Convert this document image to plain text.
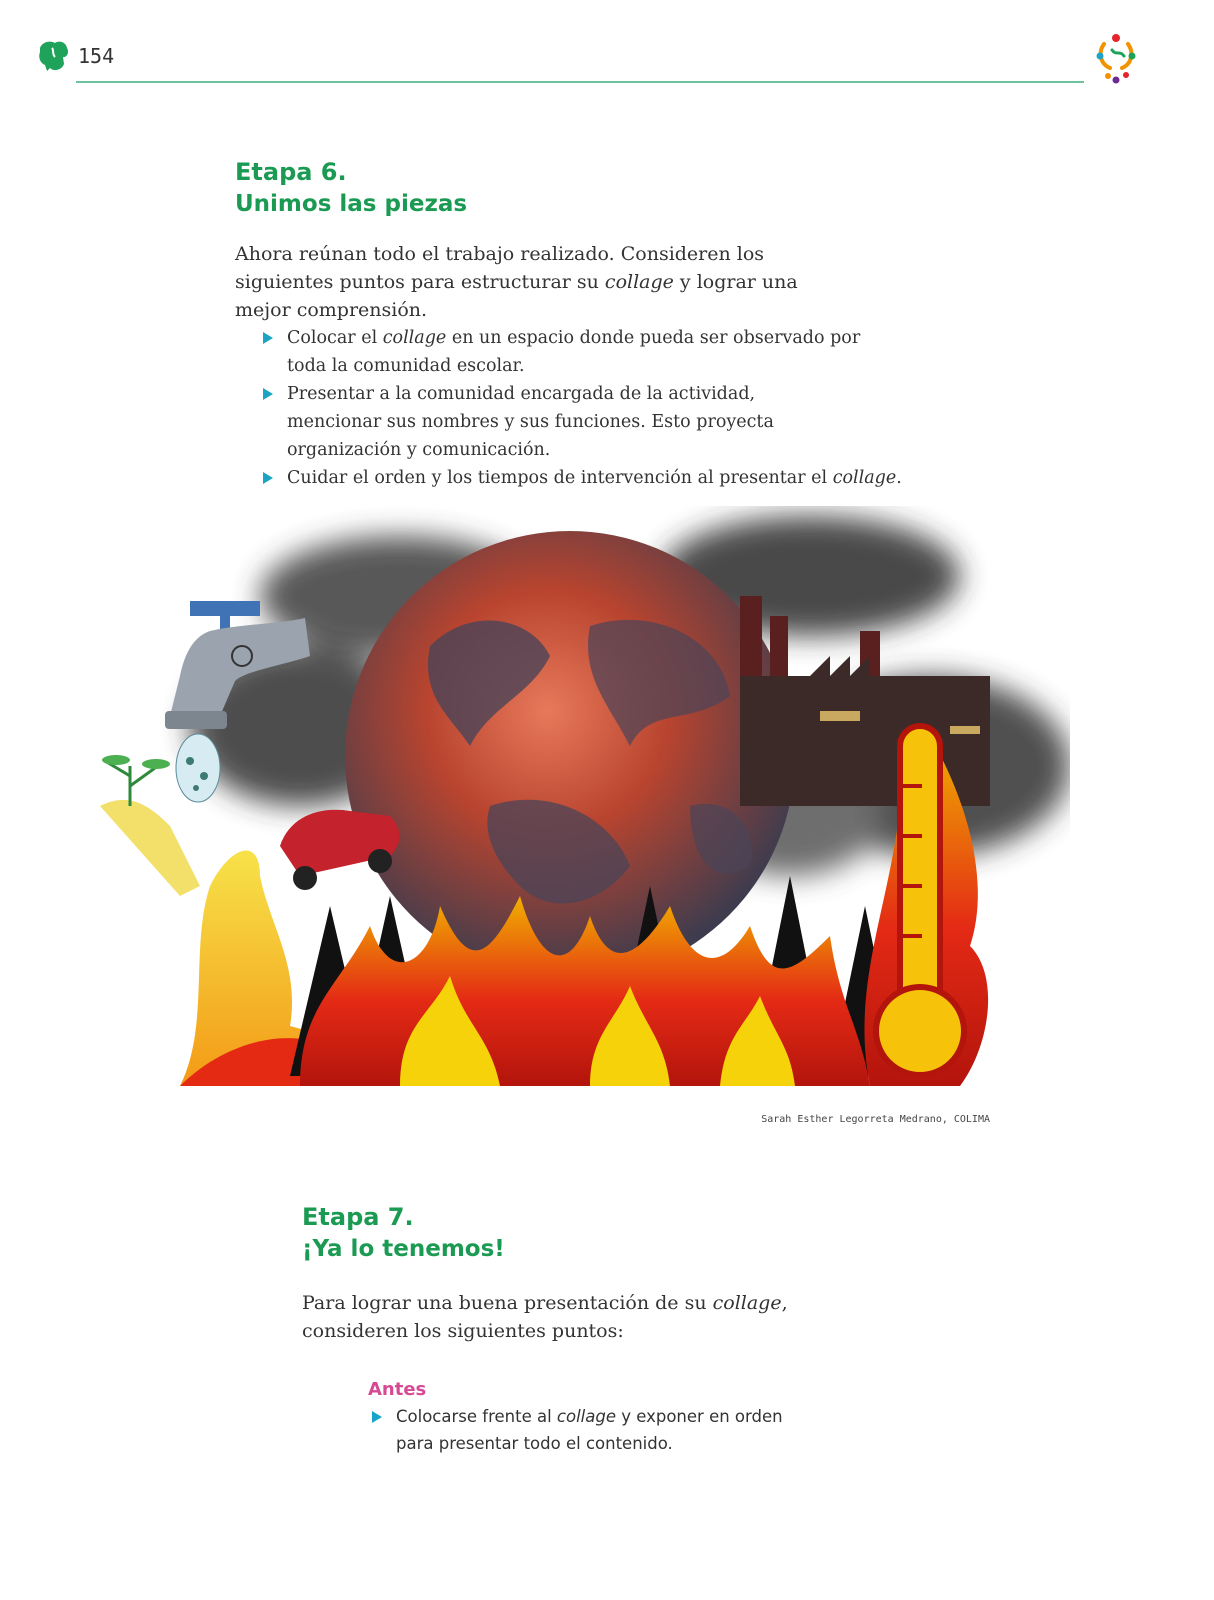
154
Etapa 6.
Unimos las piezas

Ahora reúnan todo el trabajo realizado. Consideren los siguientes puntos para estructurar su collage y lograr una mejor comprensión.

Colocar el collage en un espacio donde pueda ser observado por toda la comunidad escolar.
Presentar a la comunidad encargada de la actividad, mencionar sus nombres y sus funciones. Esto proyecta organización y comunicación.
Cuidar el orden y los tiempos de intervención al presentar el collage.
Sarah Esther Legorreta Medrano, COLIMA
Etapa 7.
¡Ya lo tenemos!

Para lograr una buena presentación de su collage, consideren los siguientes puntos:

Antes
Colocarse frente al collage y exponer en orden para presentar todo el contenido.
